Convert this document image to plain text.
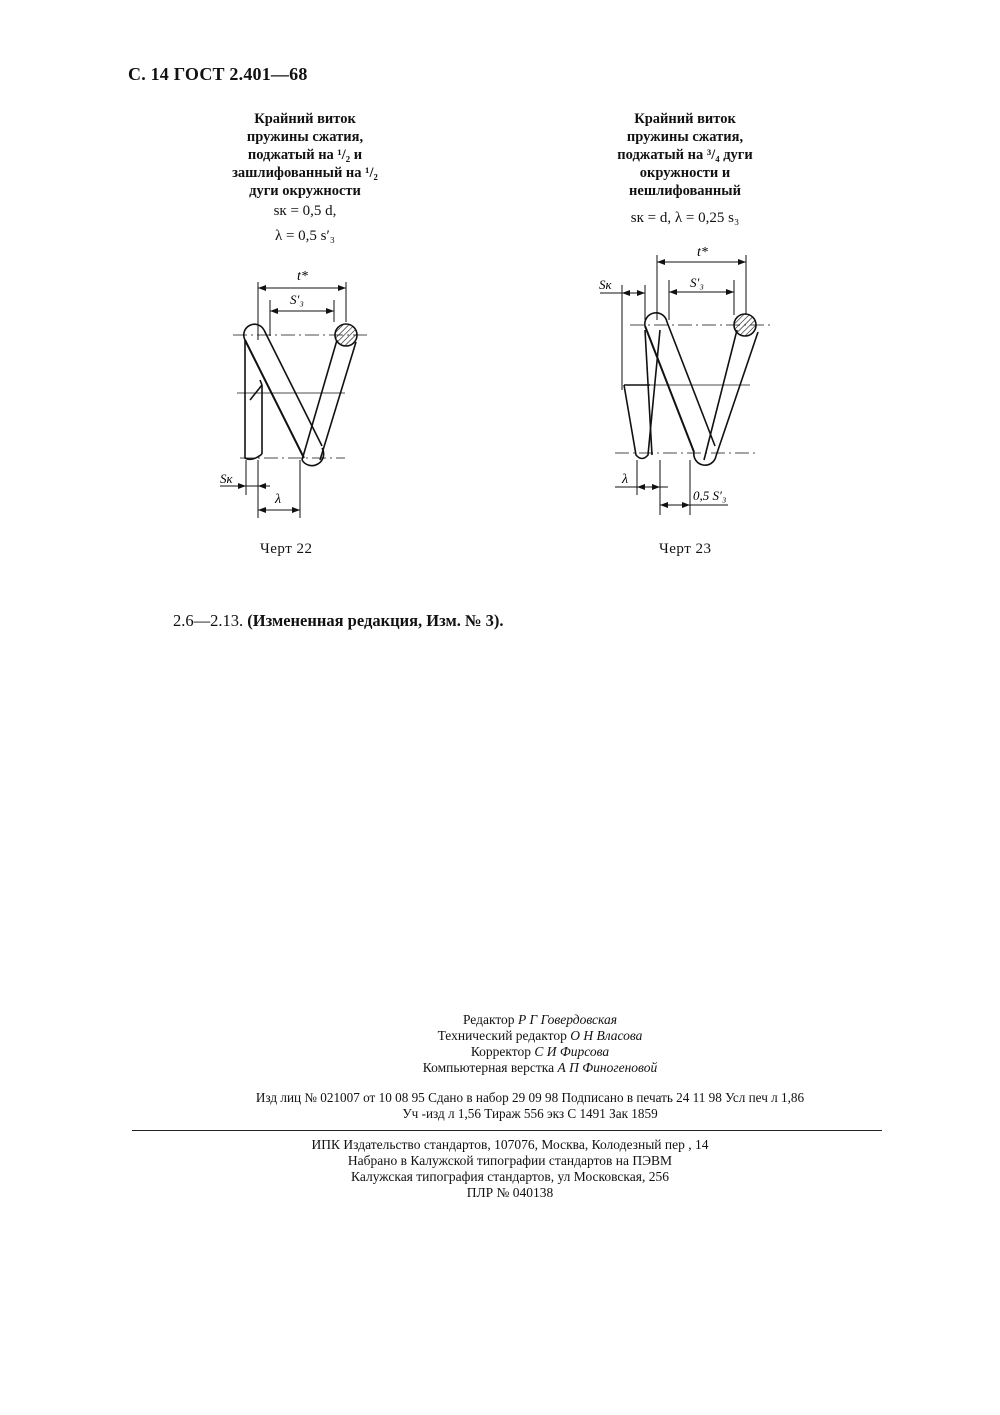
С. 14 ГОСТ 2.401—68
Крайний виток
пружины сжатия,
поджатый на ¹/₂ и
зашлифованный на ¹/₂
дуги окружности
sк = 0,5 d,
λ = 0,5 s′₃
Крайний виток
пружины сжатия,
поджатый на ³/₄ дуги
окружности и
нешлифованный
sк = d, λ = 0,25 s₃
t*
S′₃
Sк
λ
t*
S′₃
Sк
λ
0,5 S′₃
Черт 22	Черт 23
2.6—2.13. (Измененная редакция, Изм. № 3).
Редактор Р Г Говердовская
Технический редактор О Н Власова
Корректор С И Фирсова
Компьютерная верстка А П Финогеновой
Изд лиц № 021007 от 10 08 95 Сдано в набор 29 09 98 Подписано в печать 24 11 98 Усл печ л 1,86
Уч -изд л 1,56 Тираж 556 экз С 1491 Зак 1859
ИПК Издательство стандартов, 107076, Москва, Колодезный пер , 14
Набрано в Калужской типографии стандартов на ПЭВМ
Калужская типография стандартов, ул Московская, 256
ПЛР № 040138
